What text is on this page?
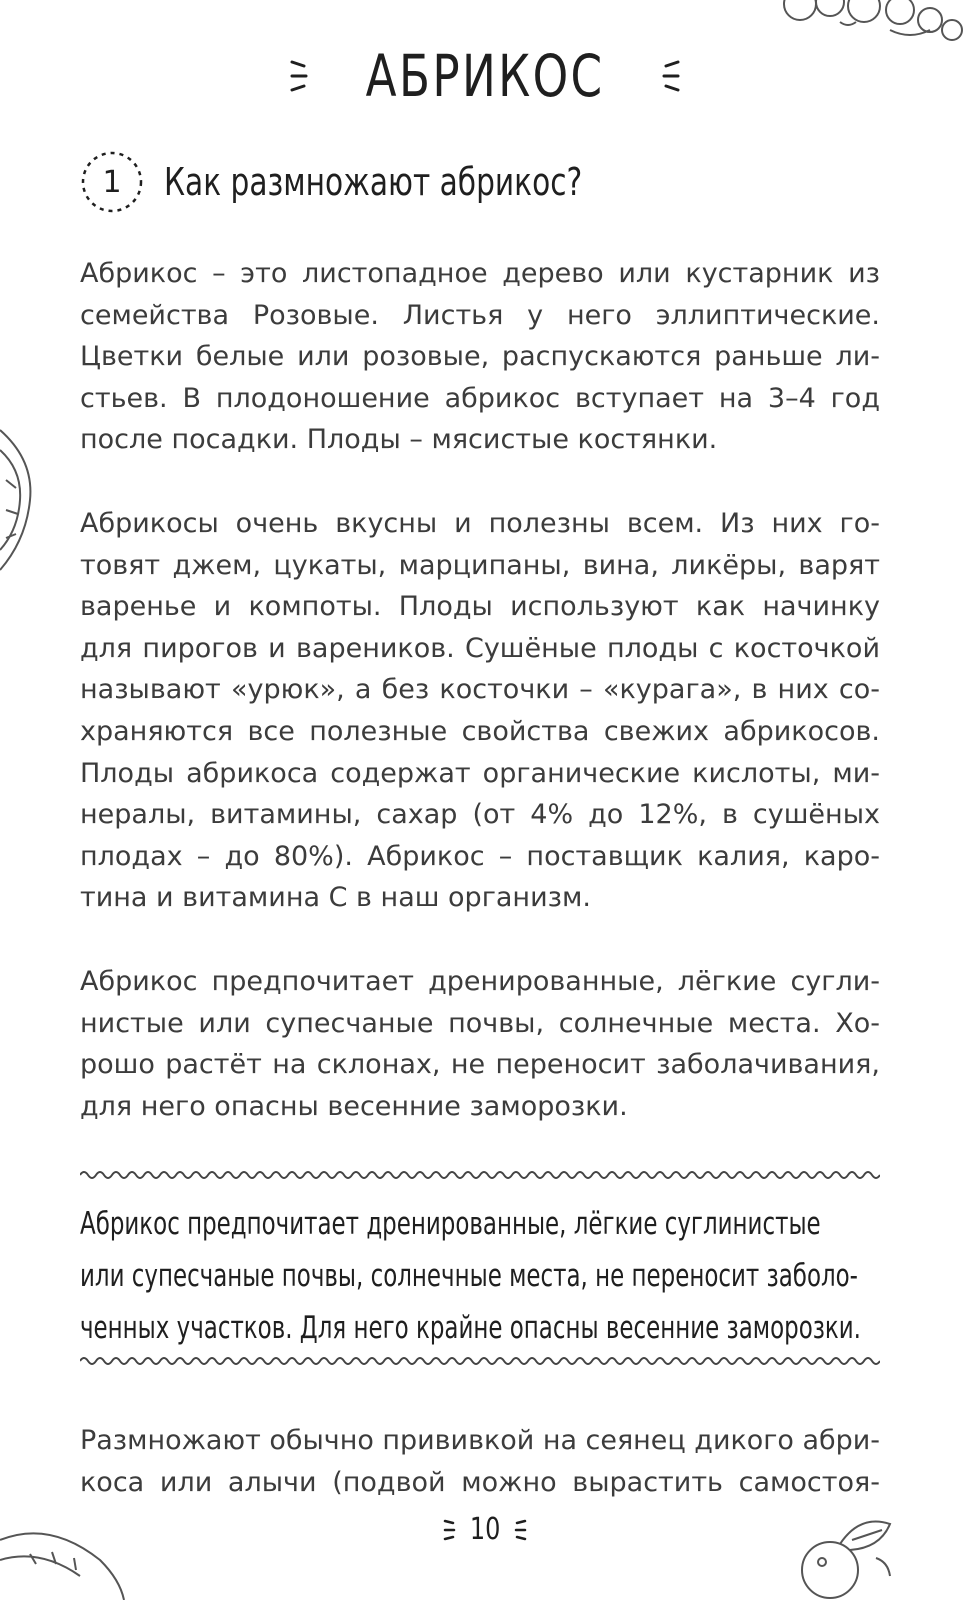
АБРИКОС
1	Как размножают абрикос?
Абрикос – это листопадное дерево или кустарник из
семейства Розовые. Листья у него эллиптические.
Цветки белые или розовые, распускаются раньше ли-
стьев. В плодоношение абрикос вступает на 3–4 год
после посадки. Плоды – мясистые костянки.
Абрикосы очень вкусны и полезны всем. Из них го-
товят джем, цукаты, марципаны, вина, ликёры, варят
варенье и компоты. Плоды используют как начинку
для пирогов и вареников. Сушёные плоды с косточкой
называют «урюк», а без косточки – «курага», в них со-
храняются все полезные свойства свежих абрикосов.
Плоды абрикоса содержат органические кислоты, ми-
нералы, витамины, сахар (от 4% до 12%, в сушёных
плодах – до 80%). Абрикос – поставщик калия, каро-
тина и витамина С в наш организм.
Абрикос предпочитает дренированные, лёгкие сугли-
нистые или супесчаные почвы, солнечные места. Хо-
рошо растёт на склонах, не переносит заболачивания,
для него опасны весенние заморозки.
Абрикос предпочитает дренированные, лёгкие суглинистые
или супесчаные почвы, солнечные места, не переносит заболо-
ченных участков. Для него крайне опасны весенние заморозки.
Размножают обычно прививкой на сеянец дикого абри-
коса или алычи (подвой можно вырастить самостоя-
10
